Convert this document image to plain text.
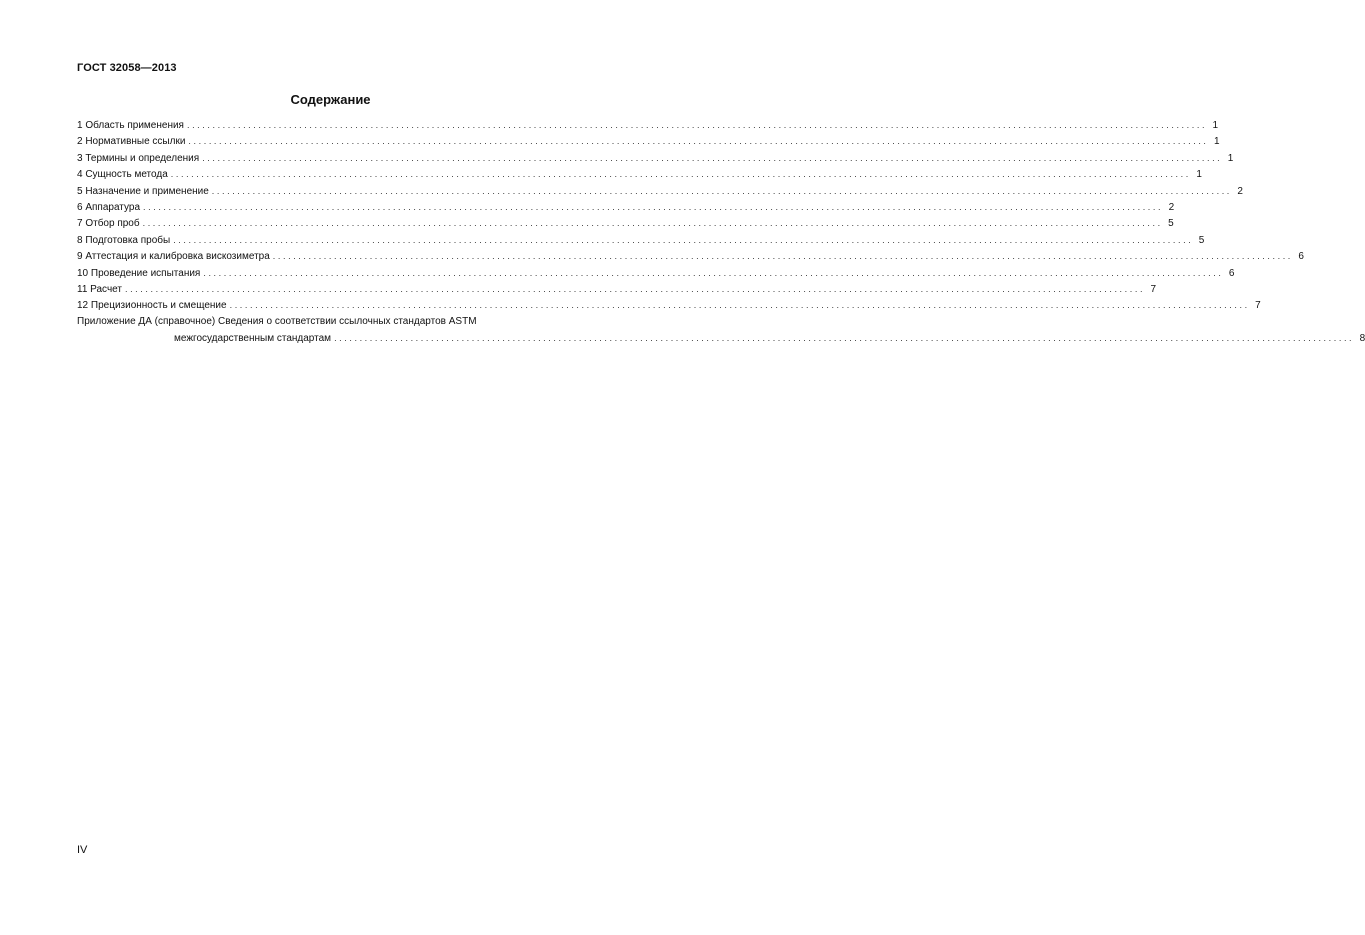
ГОСТ 32058—2013
Содержание
1 Область применения ........................................................................................................................................................................................................ 1
2 Нормативные ссылки ........................................................................................................................................................................................................ 1
3 Термины и определения ........................................................................................................................................................................................................ 1
4 Сущность метода ........................................................................................................................................................................................................ 1
5 Назначение и применение ........................................................................................................................................................................................................ 2
6 Аппаратура ........................................................................................................................................................................................................ 2
7 Отбор проб ........................................................................................................................................................................................................ 5
8 Подготовка пробы ........................................................................................................................................................................................................ 5
9 Аттестация и калибровка вискозиметра ........................................................................................................................................................................................................ 6
10 Проведение испытания ........................................................................................................................................................................................................ 6
11 Расчет ........................................................................................................................................................................................................ 7
12 Прецизионность и смещение ........................................................................................................................................................................................................ 7
Приложение ДА (справочное) Сведения о соответствии ссылочных стандартов ASTM
межгосударственным стандартам ........................................................................................................................................................................................................ 8
IV
